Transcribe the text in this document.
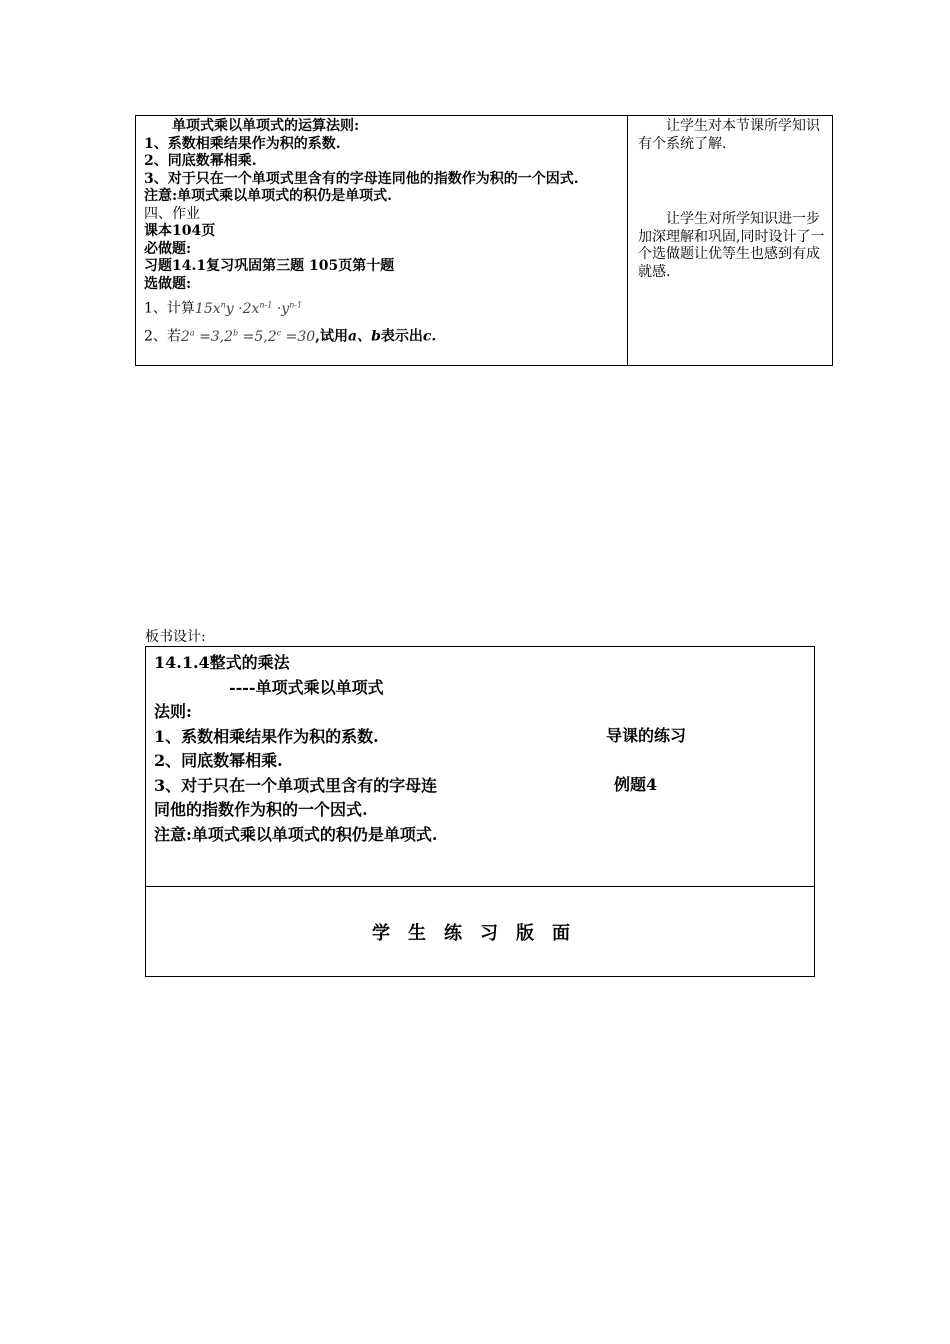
单项式乘以单项式的运算法则:
1、系数相乘结果作为积的系数.
2、同底数幂相乘.
3、对于只在一个单项式里含有的字母连同他的指数作为积的一个因式.
注意:单项式乘以单项式的积仍是单项式.
四、作业
课本104页
必做题:
习题14.1复习巩固第三题 105页第十题
选做题:
1、计算$15x^ny \cdot 2x^{n-1} \cdot y^{n-1}$
2、若$2^a =3,2^b =5,2^c =30$,试用a、b表示出c.
让学生对本节课所学知识有个系统了解.
让学生对所学知识进一步加深理解和巩固,同时设计了一个选做题让优等生也感到有成就感.
板书设计:
14.1.4整式的乘法
----单项式乘以单项式
法则:
1、系数相乘结果作为积的系数.
2、同底数幂相乘.
3、对于只在一个单项式里含有的字母连
同他的指数作为积的一个因式.
注意:单项式乘以单项式的积仍是单项式.
导课的练习
例题4
学生练习版面
